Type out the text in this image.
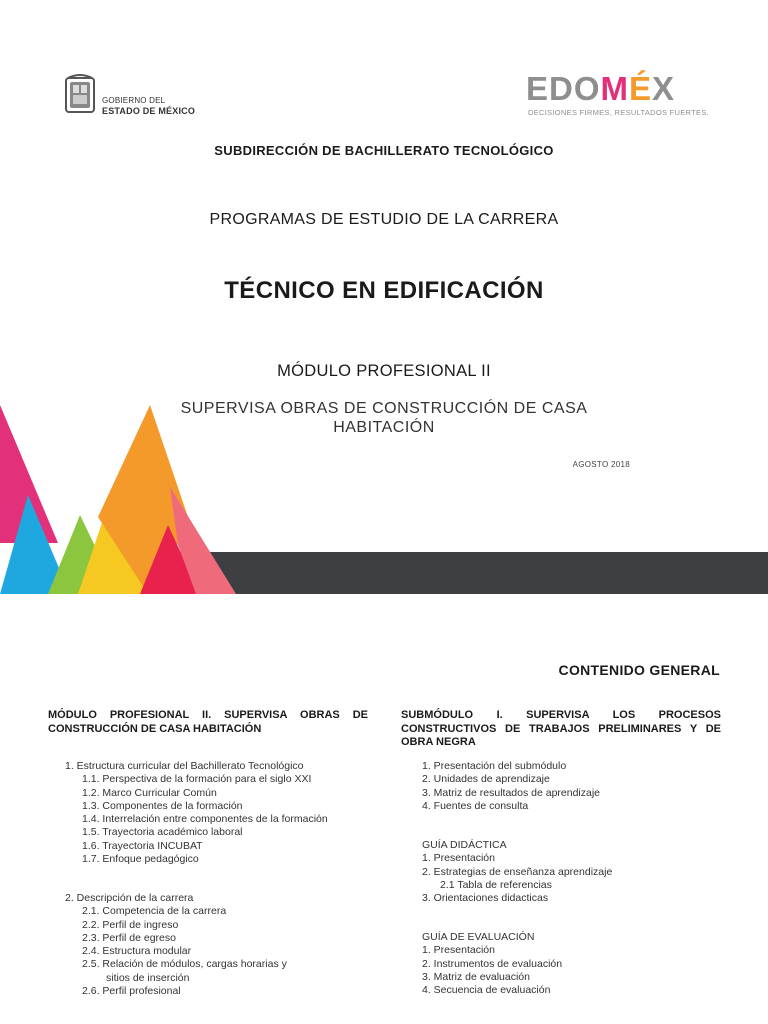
GOBIERNO DEL
ESTADO DE MÉXICO
EDOMÉX
DECISIONES FIRMES, RESULTADOS FUERTES.
SUBDIRECCIÓN DE BACHILLERATO TECNOLÓGICO
PROGRAMAS DE ESTUDIO DE LA CARRERA
TÉCNICO EN EDIFICACIÓN
MÓDULO PROFESIONAL II
SUPERVISA OBRAS DE CONSTRUCCIÓN DE CASA HABITACIÓN
AGOSTO 2018
CONTENIDO GENERAL
MÓDULO PROFESIONAL II. SUPERVISA OBRAS DE CONSTRUCCIÓN DE CASA HABITACIÓN
SUBMÓDULO I. SUPERVISA LOS PROCESOS CONSTRUCTIVOS DE TRABAJOS PRELIMINARES Y DE OBRA NEGRA
1. Estructura curricular del Bachillerato Tecnológico
1.1. Perspectiva de la formación para el siglo XXI
1.2. Marco Curricular Común
1.3. Componentes de la formación
1.4. Interrelación entre componentes de la formación
1.5. Trayectoria académico laboral
1.6. Trayectoria INCUBAT
1.7. Enfoque pedagógico
2. Descripción de la carrera
2.1. Competencia de la carrera
2.2. Perfil de ingreso
2.3. Perfil de egreso
2.4. Estructura modular
2.5. Relación de módulos, cargas horarias y
sitios de inserción
2.6. Perfil profesional
1. Presentación del submódulo
2. Unidades de aprendizaje
3. Matriz de resultados de aprendizaje
4. Fuentes de consulta
GUÍA DIDÁCTICA
1. Presentación
2. Estrategias de enseñanza aprendizaje
2.1 Tabla de referencias
3. Orientaciones didacticas
GUÍA DE EVALUACIÓN
1. Presentación
2. Instrumentos de evaluación
3. Matriz de evaluación
4. Secuencia de evaluación
